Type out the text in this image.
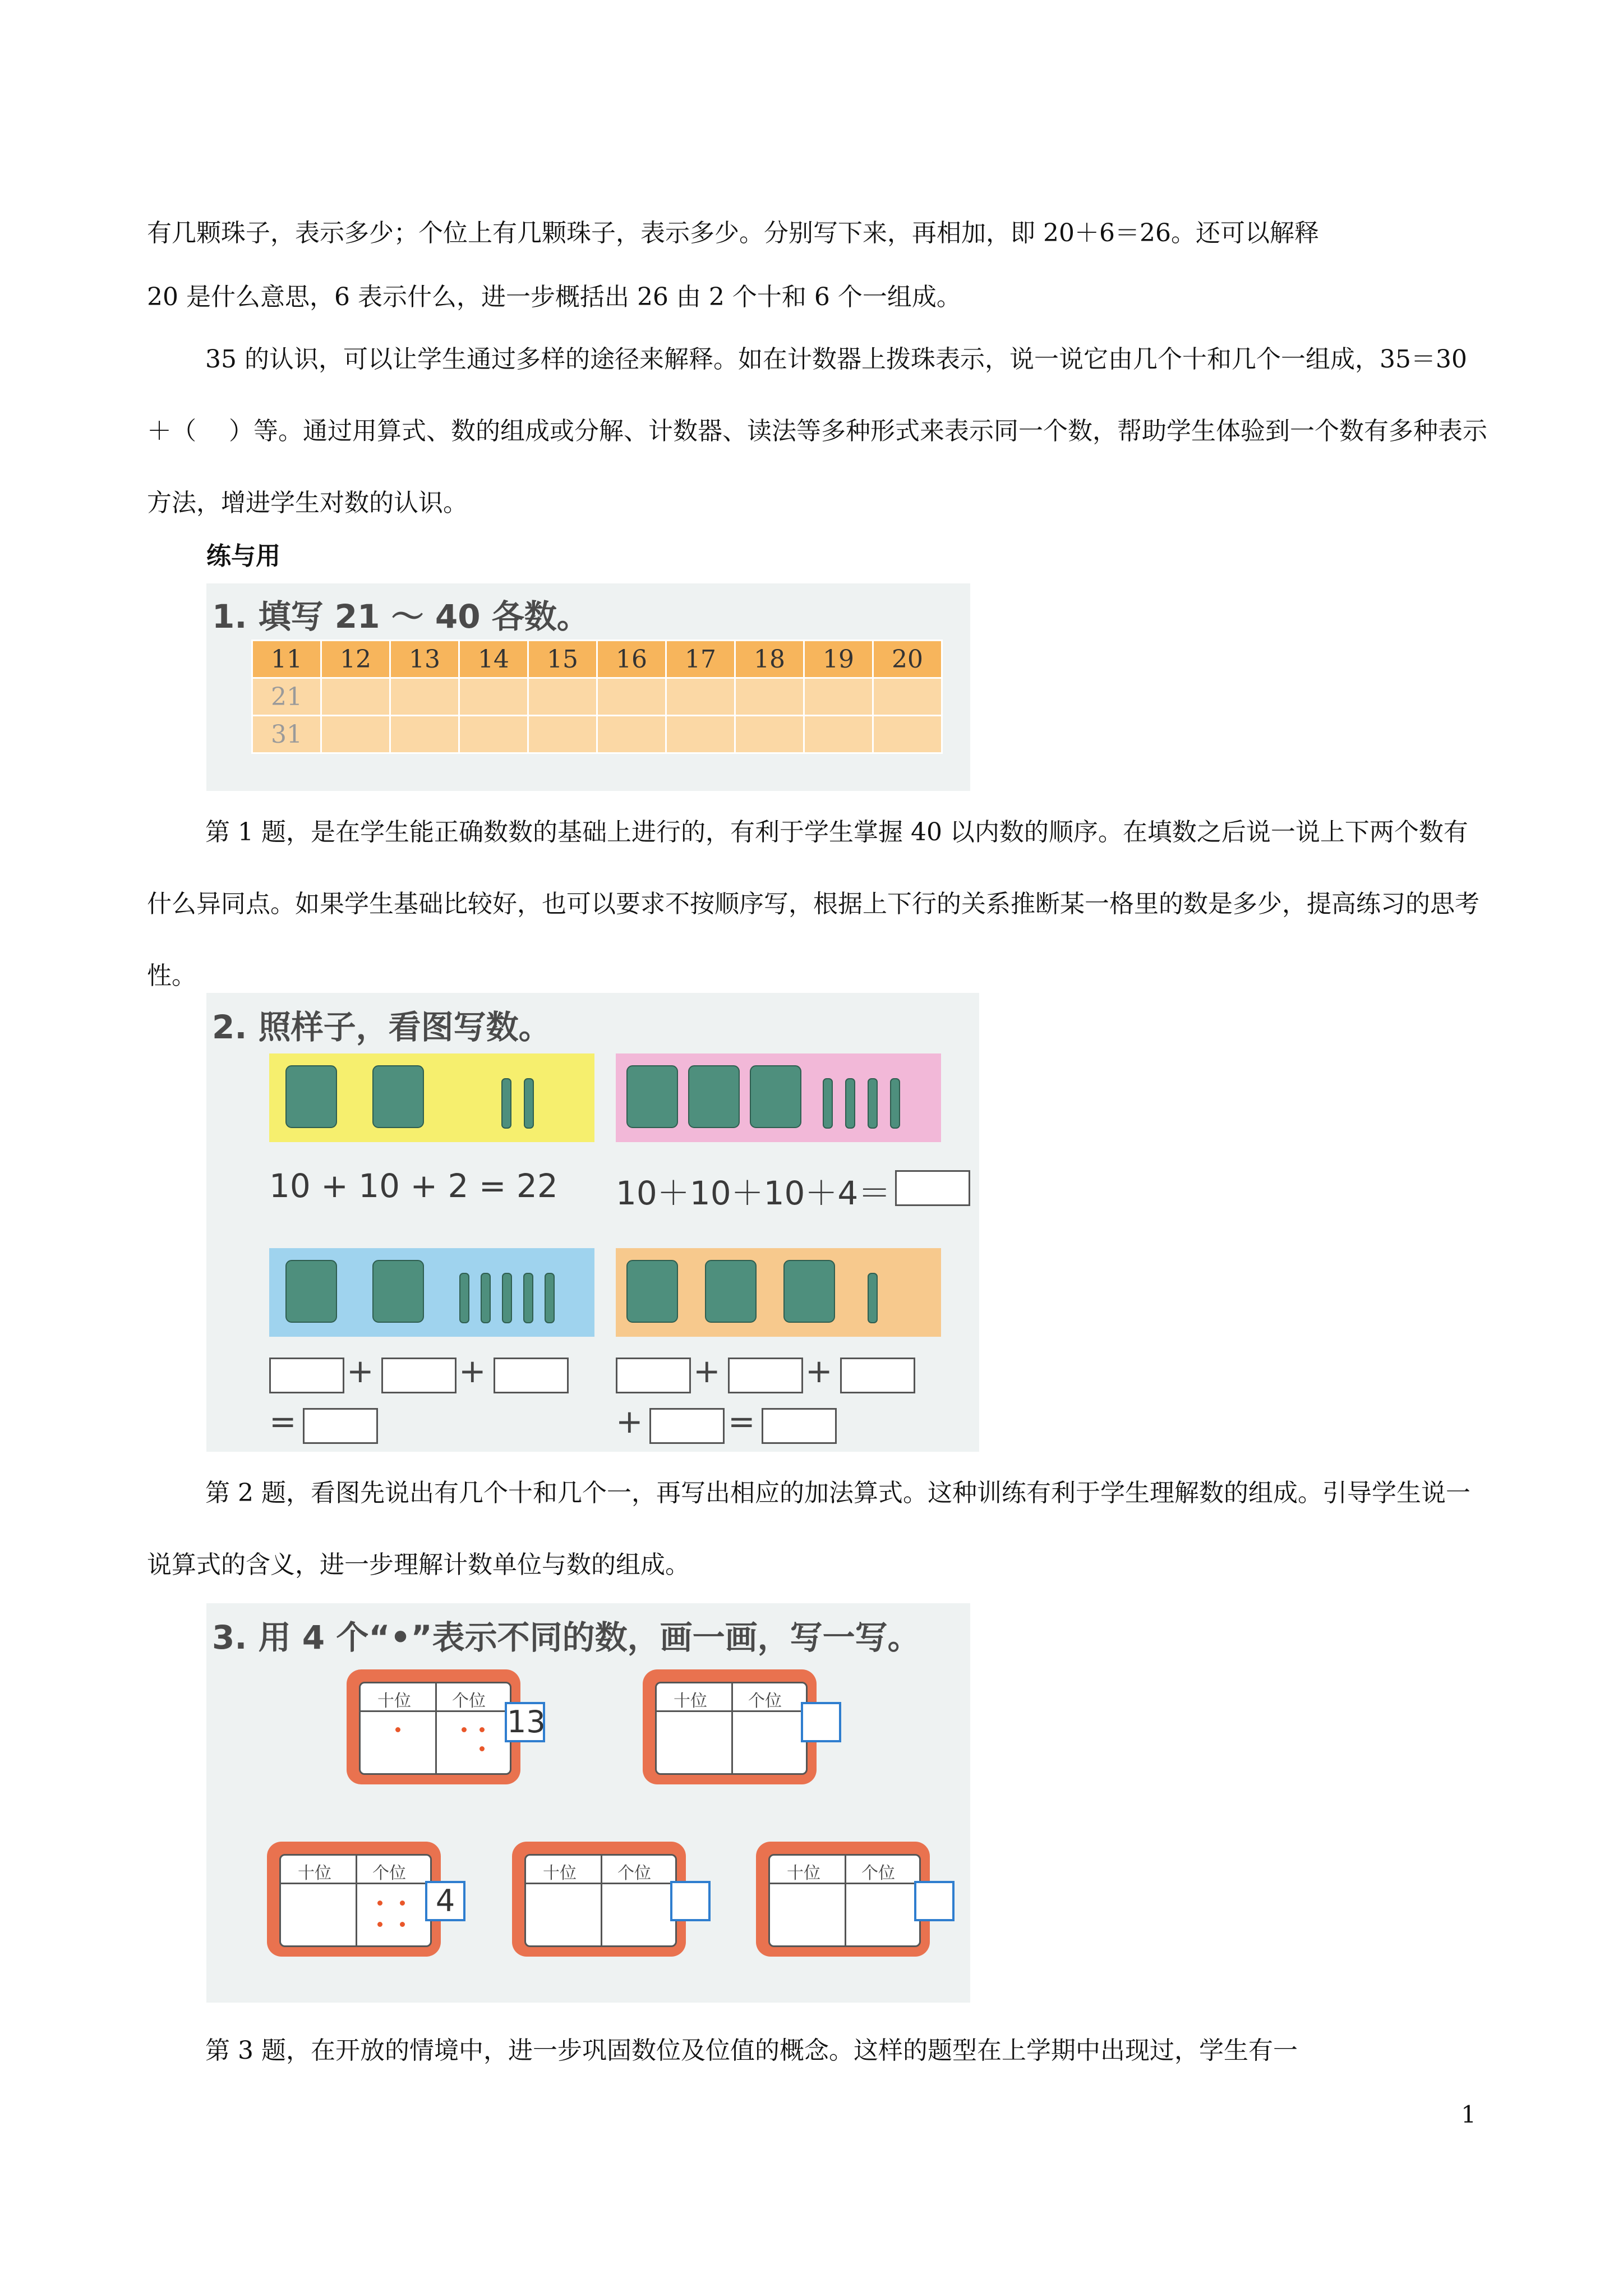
有几颗珠子，表示多少；个位上有几颗珠子，表示多少。分别写下来，再相加，即 20＋6＝26。还可以解释

20 是什么意思，6 表示什么，进一步概括出 26 由 2 个十和 6 个一组成。

35 的认识，可以让学生通过多样的途径来解释。如在计数器上拨珠表示，说一说它由几个十和几个一组成，35＝30＋（　 ）等。通过用算式、数的组成或分解、计数器、读法等多种形式来表示同一个数，帮助学生体验到一个数有多种表示方法，增进学生对数的认识。

练与用

1. 填写 21 ～ 40 各数。
11	12	13	14	15	16	17	18	19	20
21									
31									

第 1 题，是在学生能正确数数的基础上进行的，有利于学生掌握 40 以内数的顺序。在填数之后说一说上下两个数有什么异同点。如果学生基础比较好，也可以要求不按顺序写，根据上下行的关系推断某一格里的数是多少，提高练习的思考性。

2. 照样子，看图写数。
10 + 10 + 2 = 22 10＋10＋10＋4＝
+	+
=
+	+
+	=

第 2 题，看图先说出有几个十和几个一，再写出相应的加法算式。这种训练有利于学生理解数的组成。引导学生说一说算式的含义，进一步理解计数单位与数的组成。

3. 用 4 个“•”表示不同的数，画一画，写一写。
十位 个位
13
十位 个位
十位 个位
4
十位 个位	十位 个位

第 3 题，在开放的情境中，进一步巩固数位及位值的概念。这样的题型在上学期中出现过，学生有一

1
